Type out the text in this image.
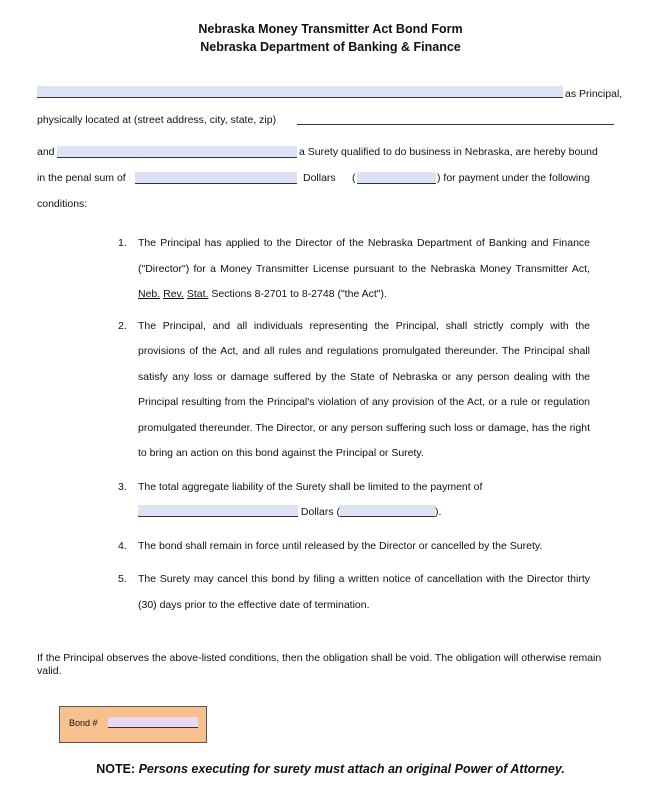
Nebraska Money Transmitter Act Bond Form
Nebraska Department of Banking & Finance
as Principal,
physically located at (street address, city, state, zip)
and	a Surety qualified to do business in Nebraska, are hereby bound
in the penal sum of	Dollars (	) for payment under the following
conditions:
1. The Principal has applied to the Director of the Nebraska Department of Banking and Finance ("Director") for a Money Transmitter License pursuant to the Nebraska Money Transmitter Act, Neb. Rev. Stat. Sections 8-2701 to 8-2748 ("the Act").

2. The Principal, and all individuals representing the Principal, shall strictly comply with the provisions of the Act, and all rules and regulations promulgated thereunder. The Principal shall satisfy any loss or damage suffered by the State of Nebraska or any person dealing with the Principal resulting from the Principal's violation of any provision of the Act, or a rule or regulation promulgated thereunder. The Director, or any person suffering such loss or damage, has the right to bring an action on this bond against the Principal or Surety.

3. The total aggregate liability of the Surety shall be limited to the payment of

Dollars (	).

4. The bond shall remain in force until released by the Director or cancelled by the Surety.

5. The Surety may cancel this bond by filing a written notice of cancellation with the Director thirty (30) days prior to the effective date of termination.

If the Principal observes the above-listed conditions, then the obligation shall be void. The obligation will otherwise remain valid.
Bond #
NOTE: Persons executing for surety must attach an original Power of Attorney.
